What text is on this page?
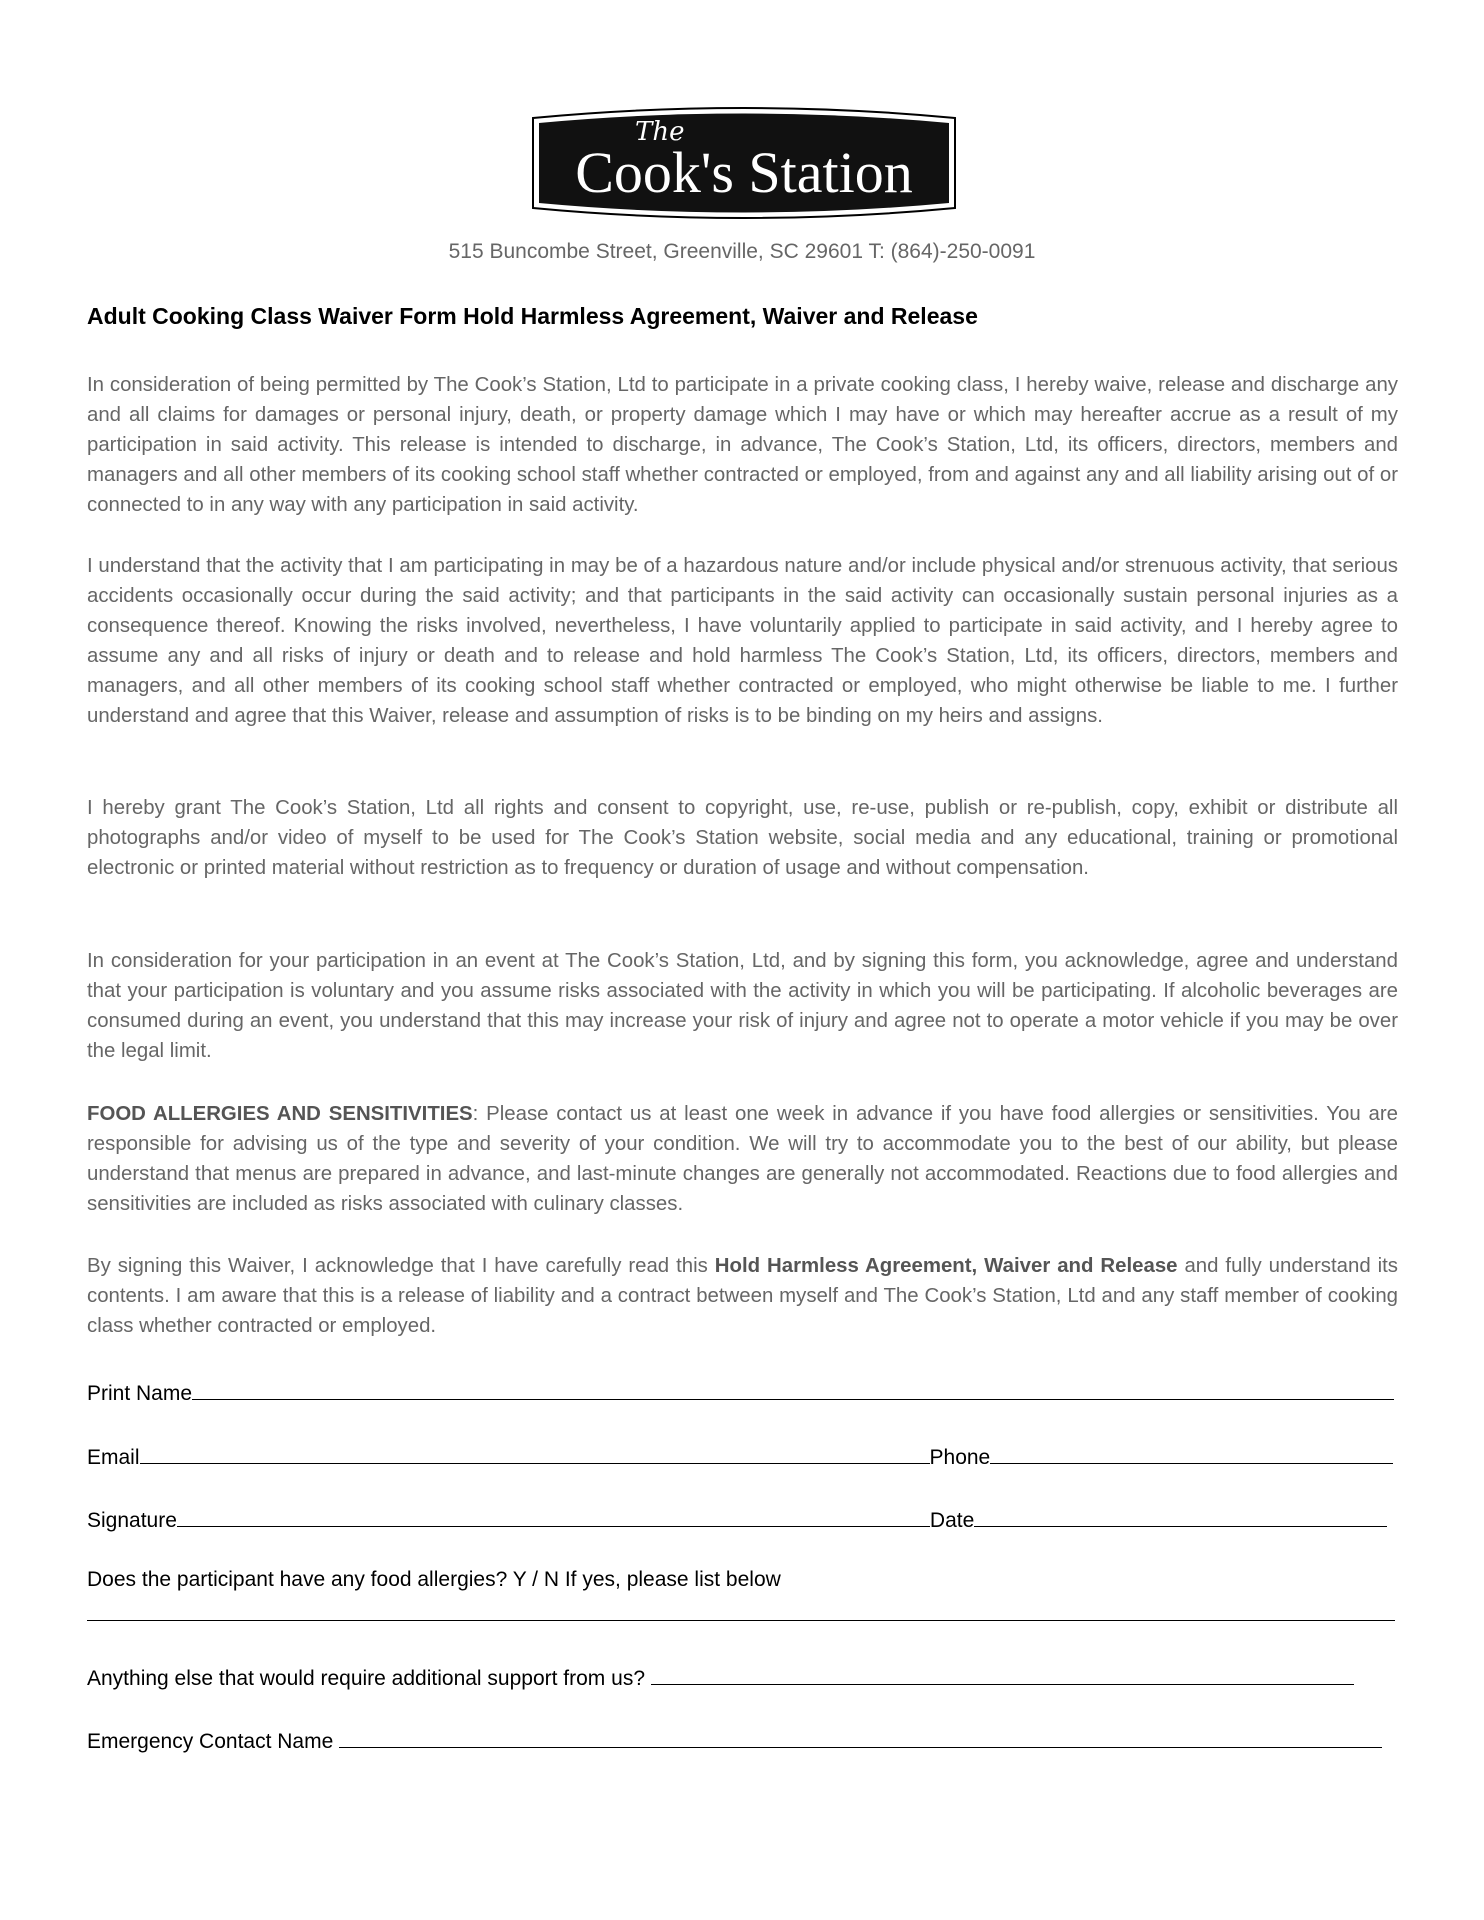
The
Cook's Station
515 Buncombe Street, Greenville, SC 29601 T: (864)-250-0091
Adult Cooking Class Waiver Form Hold Harmless Agreement, Waiver and Release

In consideration of being permitted by The Cook’s Station, Ltd to participate in a private cooking class, I hereby waive, release and discharge any and all claims for damages or personal injury, death, or property damage which I may have or which may hereafter accrue as a result of my participation in said activity. This release is intended to discharge, in advance, The Cook’s Station, Ltd, its officers, directors, members and managers and all other members of its cooking school staff whether contracted or employed, from and against any and all liability arising out of or connected to in any way with any participation in said activity.

I understand that the activity that I am participating in may be of a hazardous nature and/or include physical and/or strenuous activity, that serious accidents occasionally occur during the said activity; and that participants in the said activity can occasionally sustain personal injuries as a consequence thereof. Knowing the risks involved, nevertheless, I have voluntarily applied to participate in said activity, and I hereby agree to assume any and all risks of injury or death and to release and hold harmless The Cook’s Station, Ltd, its officers, directors, members and managers, and all other members of its cooking school staff whether contracted or employed, who might otherwise be liable to me. I further understand and agree that this Waiver, release and assumption of risks is to be binding on my heirs and assigns.

I hereby grant The Cook’s Station, Ltd all rights and consent to copyright, use, re-use, publish or re-publish, copy, exhibit or distribute all photographs and/or video of myself to be used for The Cook’s Station website, social media and any educational, training or promotional electronic or printed material without restriction as to frequency or duration of usage and without compensation.

In consideration for your participation in an event at The Cook’s Station, Ltd, and by signing this form, you acknowledge, agree and understand that your participation is voluntary and you assume risks associated with the activity in which you will be participating. If alcoholic beverages are consumed during an event, you understand that this may increase your risk of injury and agree not to operate a motor vehicle if you may be over the legal limit.

FOOD ALLERGIES AND SENSITIVITIES: Please contact us at least one week in advance if you have food allergies or sensitivities. You are responsible for advising us of the type and severity of your condition. We will try to accommodate you to the best of our ability, but please understand that menus are prepared in advance, and last-minute changes are generally not accommodated. Reactions due to food allergies and sensitivities are included as risks associated with culinary classes.

By signing this Waiver, I acknowledge that I have carefully read this Hold Harmless Agreement, Waiver and Release and fully understand its contents. I am aware that this is a release of liability and a contract between myself and The Cook’s Station, Ltd and any staff member of cooking class whether contracted or employed.

Print Name
Email	Phone
Signature	Date
Does the participant have any food allergies? Y / N If yes, please list below
Anything else that would require additional support from us?
Emergency Contact Name
